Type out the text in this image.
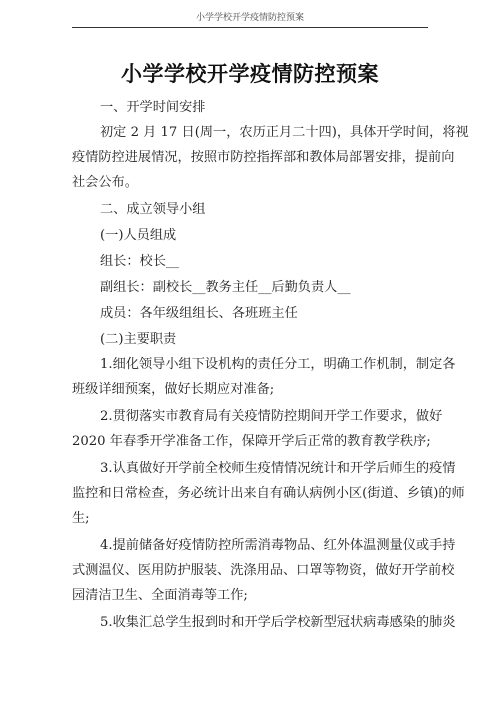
小学学校开学疫情防控预案
小学学校开学疫情防控预案
一、开学时间安排
初定 2 月 17 日(周一，农历正月二十四)，具体开学时间，将视
疫情防控进展情况，按照市防控指挥部和教体局部署安排，提前向
社会公布。
二、成立领导小组
(一)人员组成
组长：校长__
副组长：副校长__教务主任__后勤负责人__
成员：各年级组组长、各班班主任
(二)主要职责
1.细化领导小组下设机构的责任分工，明确工作机制，制定各
班级详细预案，做好长期应对准备;
2.贯彻落实市教育局有关疫情防控期间开学工作要求，做好
2020 年春季开学准备工作，保障开学后正常的教育教学秩序;
3.认真做好开学前全校师生疫情情况统计和开学后师生的疫情
监控和日常检查，务必统计出来自有确认病例小区(街道、乡镇)的师
生;
4.提前储备好疫情防控所需消毒物品、红外体温测量仪或手持
式测温仪、医用防护服装、洗涤用品、口罩等物资，做好开学前校
园清洁卫生、全面消毒等工作;
5.收集汇总学生报到时和开学后学校新型冠状病毒感染的肺炎
